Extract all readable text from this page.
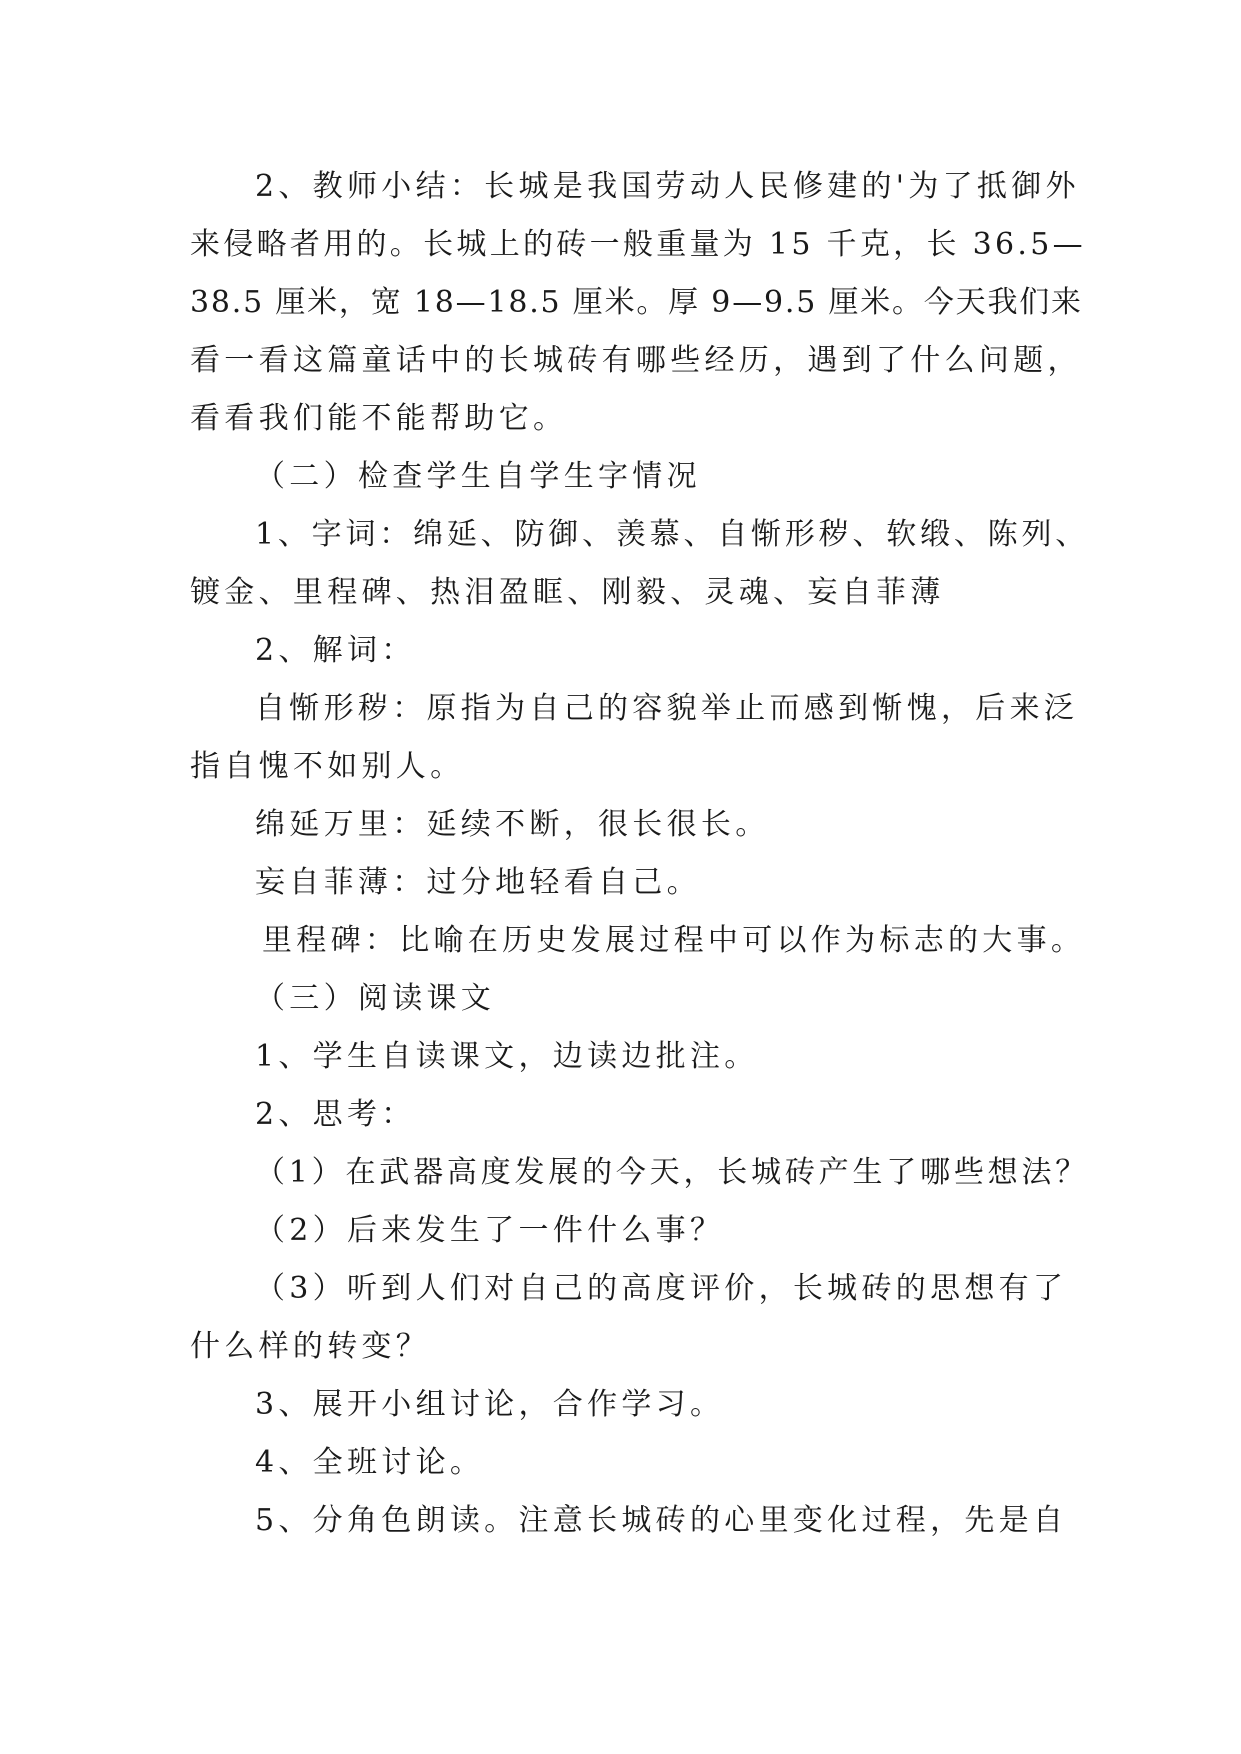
2、教师小结：长城是我国劳动人民修建的'为了抵御外
来侵略者用的。长城上的砖一般重量为 15 千克，长 36.5—
38.5 厘米，宽 18—18.5 厘米。厚 9—9.5 厘米。今天我们来
看一看这篇童话中的长城砖有哪些经历，遇到了什么问题，
看看我们能不能帮助它。
（二）检查学生自学生字情况
1、字词：绵延、防御、羡慕、自惭形秽、软缎、陈列、
镀金、里程碑、热泪盈眶、刚毅、灵魂、妄自菲薄
2、解词：
自惭形秽：原指为自己的容貌举止而感到惭愧，后来泛
指自愧不如别人。
绵延万里：延续不断，很长很长。
妄自菲薄：过分地轻看自己。
里程碑：比喻在历史发展过程中可以作为标志的大事。
（三）阅读课文
1、学生自读课文，边读边批注。
2、思考：
（1）在武器高度发展的今天，长城砖产生了哪些想法？
（2）后来发生了一件什么事？
（3）听到人们对自己的高度评价，长城砖的思想有了
什么样的转变？
3、展开小组讨论，合作学习。
4、全班讨论。
5、分角色朗读。注意长城砖的心里变化过程，先是自
